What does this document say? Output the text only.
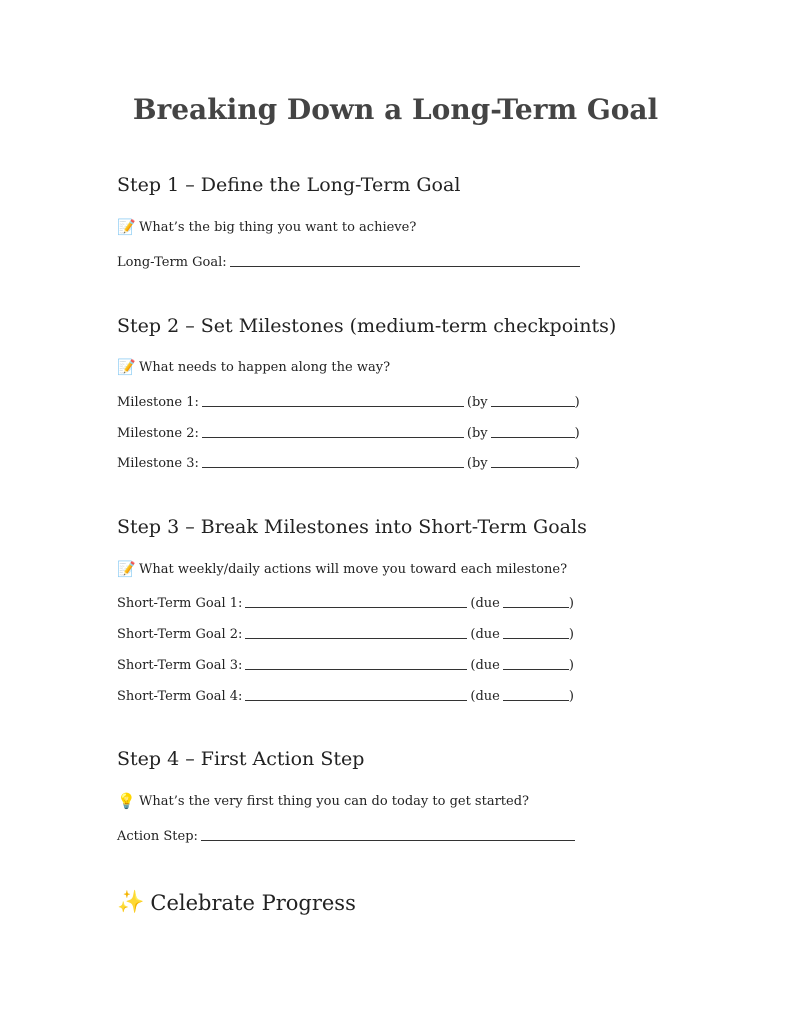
Breaking Down a Long-Term Goal
Step 1 – Define the Long-Term Goal
📝 What’s the big thing you want to achieve?
Long-Term Goal:
Step 2 – Set Milestones (medium-term checkpoints)
📝 What needs to happen along the way?
Milestone 1:	(by	)
Milestone 2:	(by	)
Milestone 3:	(by	)
Step 3 – Break Milestones into Short-Term Goals
📝 What weekly/daily actions will move you toward each milestone?
Short-Term Goal 1:	(due	)
Short-Term Goal 2:	(due	)
Short-Term Goal 3:	(due	)
Short-Term Goal 4:	(due	)
Step 4 – First Action Step
💡 What’s the very first thing you can do today to get started?
Action Step:
✨ Celebrate Progress
